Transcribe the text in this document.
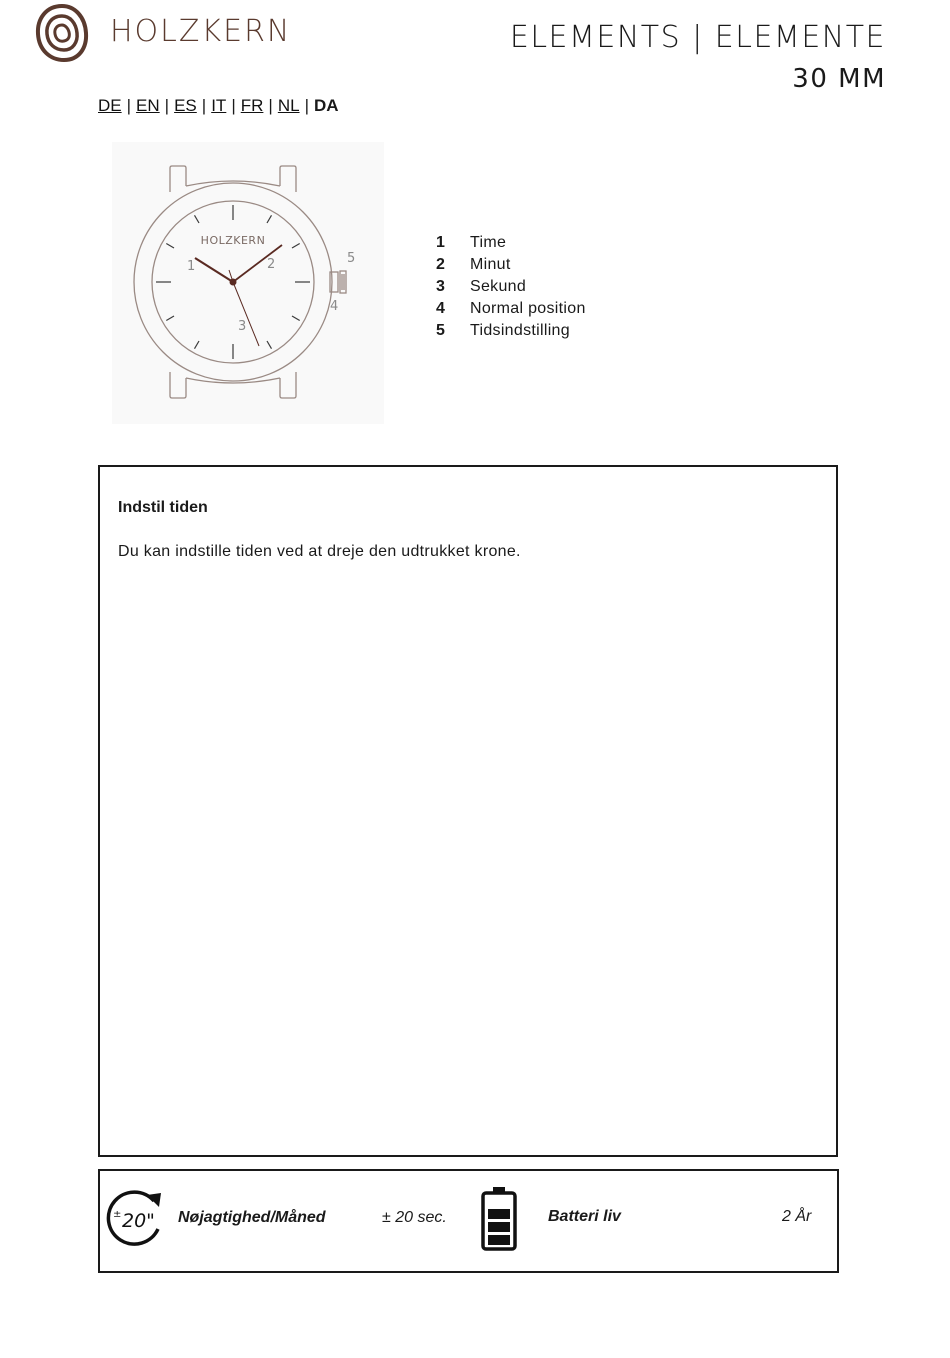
HOLZKERN	ELEMENTS | ELEMENTE
30 MM
DE | EN | ES | IT | FR | NL | DA
HOLZKERN
1	2
3
4
5
1	Time
2	Minut
3	Sekund
4	Normal position
5	Tidsindstilling
Indstil tiden
Du kan indstille tiden ved at dreje den udtrukket krone.
± 20" Nøjagtighed/Måned	± 20 sec.	Batteri liv	2 År
